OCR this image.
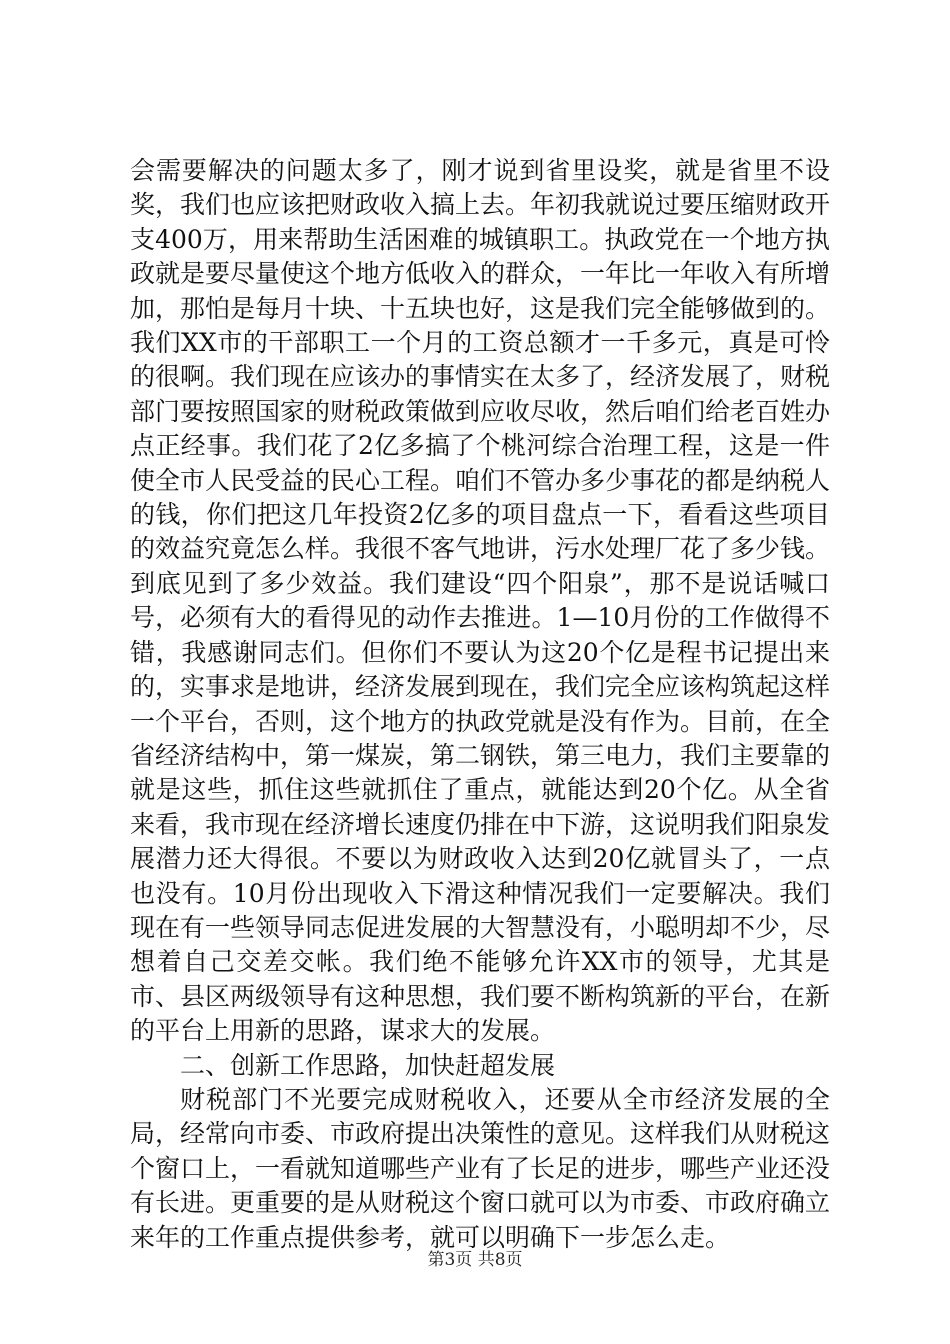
会需要解决的问题太多了，刚才说到省里设奖，就是省里不设奖，我们也应该把财政收入搞上去。年初我就说过要压缩财政开支400万，用来帮助生活困难的城镇职工。执政党在一个地方执政就是要尽量使这个地方低收入的群众，一年比一年收入有所增加，那怕是每月十块、十五块也好，这是我们完全能够做到的。我们XX市的干部职工一个月的工资总额才一千多元，真是可怜的很啊。我们现在应该办的事情实在太多了，经济发展了，财税部门要按照国家的财税政策做到应收尽收，然后咱们给老百姓办点正经事。我们花了2亿多搞了个桃河综合治理工程，这是一件使全市人民受益的民心工程。咱们不管办多少事花的都是纳税人的钱，你们把这几年投资2亿多的项目盘点一下，看看这些项目的效益究竟怎么样。我很不客气地讲，污水处理厂花了多少钱。到底见到了多少效益。我们建设“四个阳泉”，那不是说话喊口号，必须有大的看得见的动作去推进。1—10月份的工作做得不错，我感谢同志们。但你们不要认为这20个亿是程书记提出来的，实事求是地讲，经济发展到现在，我们完全应该构筑起这样一个平台，否则，这个地方的执政党就是没有作为。目前，在全省经济结构中，第一煤炭，第二钢铁，第三电力，我们主要靠的就是这些，抓住这些就抓住了重点，就能达到20个亿。从全省来看，我市现在经济增长速度仍排在中下游，这说明我们阳泉发展潜力还大得很。不要以为财政收入达到20亿就冒头了，一点也没有。10月份出现收入下滑这种情况我们一定要解决。我们现在有一些领导同志促进发展的大智慧没有，小聪明却不少，尽想着自己交差交帐。我们绝不能够允许XX市的领导，尤其是市、县区两级领导有这种思想，我们要不断构筑新的平台，在新的平台上用新的思路，谋求大的发展。

二、创新工作思路，加快赶超发展

财税部门不光要完成财税收入，还要从全市经济发展的全局，经常向市委、市政府提出决策性的意见。这样我们从财税这个窗口上，一看就知道哪些产业有了长足的进步，哪些产业还没有长进。更重要的是从财税这个窗口就可以为市委、市政府确立来年的工作重点提供参考，就可以明确下一步怎么走。

第3页 共8页
